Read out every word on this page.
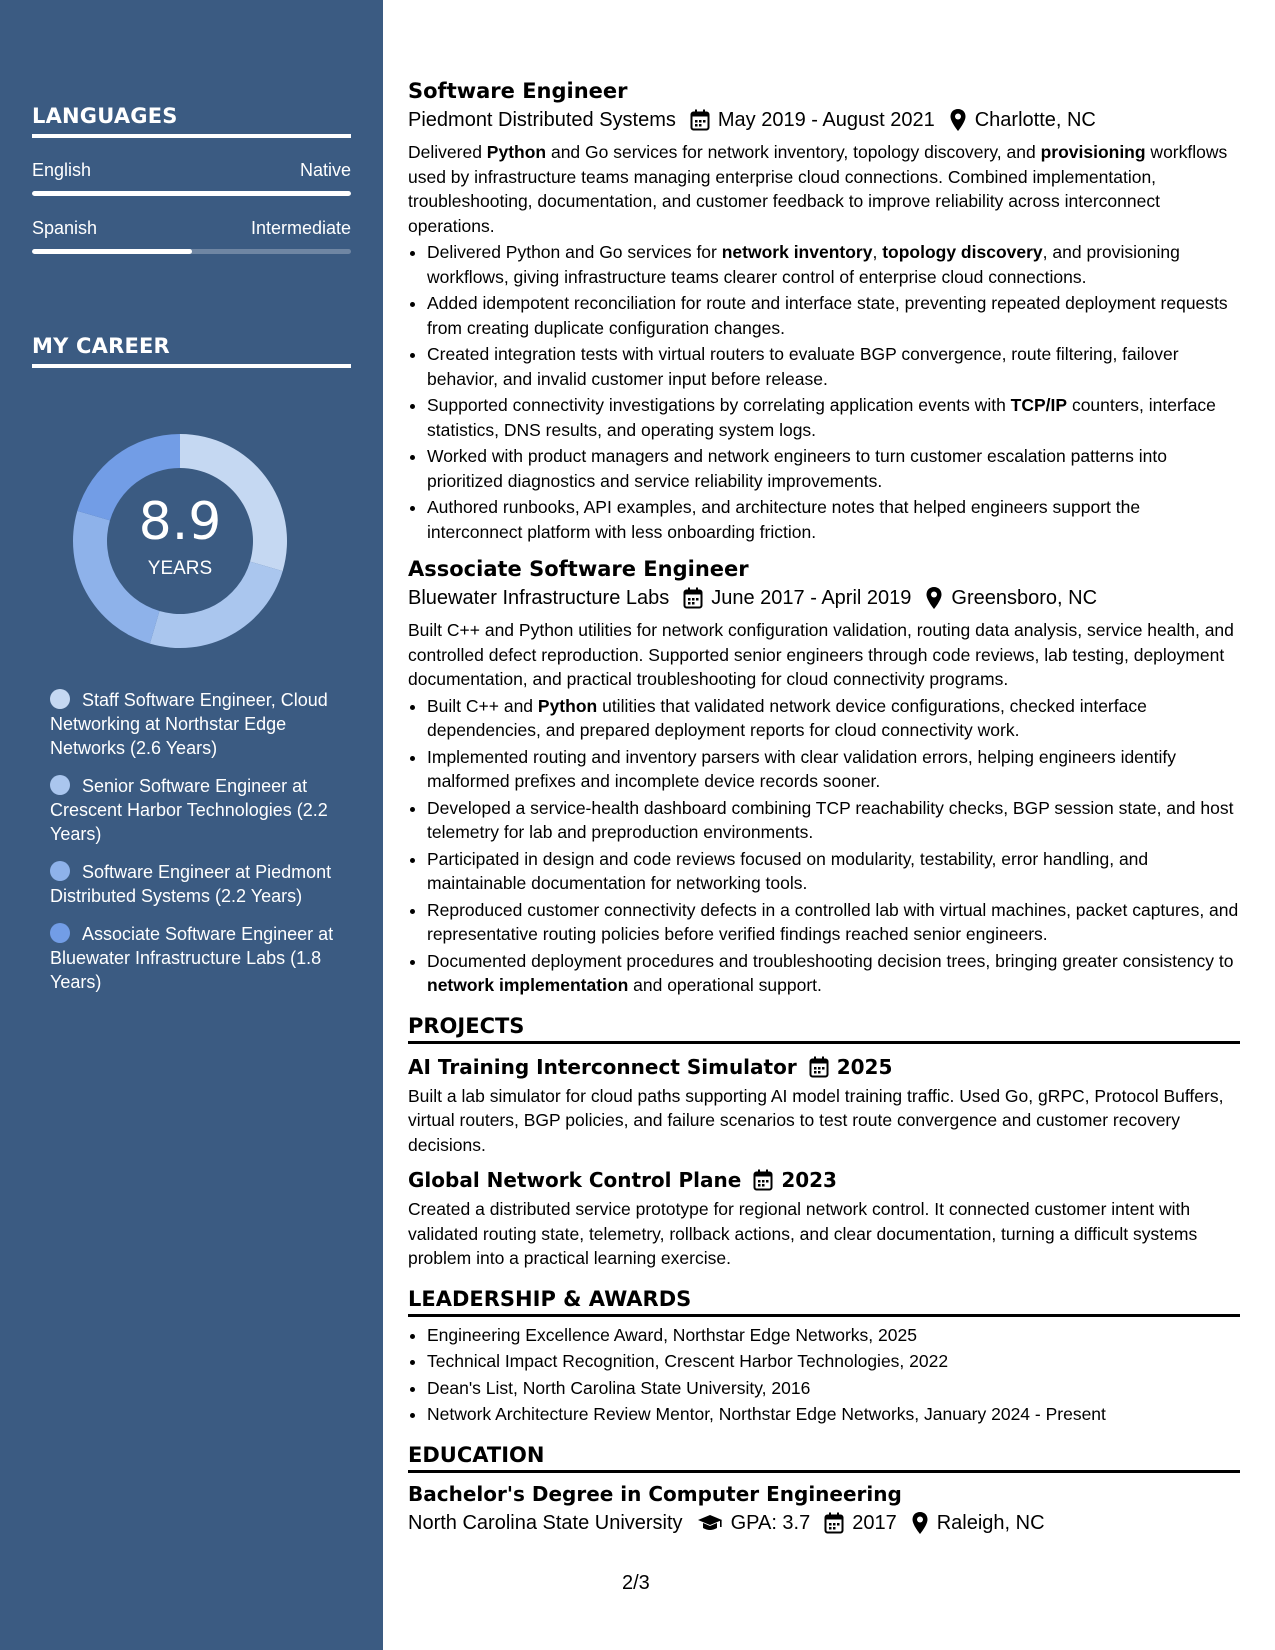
LANGUAGES
English	Native
Spanish	Intermediate
MY CAREER
8.9
YEARS
Staff Software Engineer, Cloud Networking at Northstar Edge Networks (2.6 Years)
Senior Software Engineer at Crescent Harbor Technologies (2.2 Years)
Software Engineer at Piedmont Distributed Systems (2.2 Years)
Associate Software Engineer at Bluewater Infrastructure Labs (1.8 Years)
Software Engineer
Piedmont Distributed Systems May 2019 - August 2021 Charlotte, NC

Delivered Python and Go services for network inventory, topology discovery, and provisioning workflows used by infrastructure teams managing enterprise cloud connections. Combined implementation, troubleshooting, documentation, and customer feedback to improve reliability across interconnect operations.

• Delivered Python and Go services for network inventory, topology discovery, and provisioning workflows, giving infrastructure teams clearer control of enterprise cloud connections.
• Added idempotent reconciliation for route and interface state, preventing repeated deployment requests from creating duplicate configuration changes.
• Created integration tests with virtual routers to evaluate BGP convergence, route filtering, failover behavior, and invalid customer input before release.
• Supported connectivity investigations by correlating application events with TCP/IP counters, interface statistics, DNS results, and operating system logs.
• Worked with product managers and network engineers to turn customer escalation patterns into prioritized diagnostics and service reliability improvements.
• Authored runbooks, API examples, and architecture notes that helped engineers support the interconnect platform with less onboarding friction.
Associate Software Engineer
Bluewater Infrastructure Labs June 2017 - April 2019 Greensboro, NC

Built C++ and Python utilities for network configuration validation, routing data analysis, service health, and controlled defect reproduction. Supported senior engineers through code reviews, lab testing, deployment documentation, and practical troubleshooting for cloud connectivity programs.

• Built C++ and Python utilities that validated network device configurations, checked interface dependencies, and prepared deployment reports for cloud connectivity work.
• Implemented routing and inventory parsers with clear validation errors, helping engineers identify malformed prefixes and incomplete device records sooner.
• Developed a service-health dashboard combining TCP reachability checks, BGP session state, and host telemetry for lab and preproduction environments.
• Participated in design and code reviews focused on modularity, testability, error handling, and maintainable documentation for networking tools.
• Reproduced customer connectivity defects in a controlled lab with virtual machines, packet captures, and representative routing policies before verified findings reached senior engineers.
• Documented deployment procedures and troubleshooting decision trees, bringing greater consistency to network implementation and operational support.
PROJECTS
AI Training Interconnect Simulator 2025

Built a lab simulator for cloud paths supporting AI model training traffic. Used Go, gRPC, Protocol Buffers, virtual routers, BGP policies, and failure scenarios to test route convergence and customer recovery decisions.

Global Network Control Plane 2023

Created a distributed service prototype for regional network control. It connected customer intent with validated routing state, telemetry, rollback actions, and clear documentation, turning a difficult systems problem into a practical learning exercise.

LEADERSHIP & AWARDS
• Engineering Excellence Award, Northstar Edge Networks, 2025
• Technical Impact Recognition, Crescent Harbor Technologies, 2022
• Dean's List, North Carolina State University, 2016
• Network Architecture Review Mentor, Northstar Edge Networks, January 2024 - Present
EDUCATION
Bachelor's Degree in Computer Engineering
North Carolina State University GPA: 3.7 2017 Raleigh, NC
2/3
